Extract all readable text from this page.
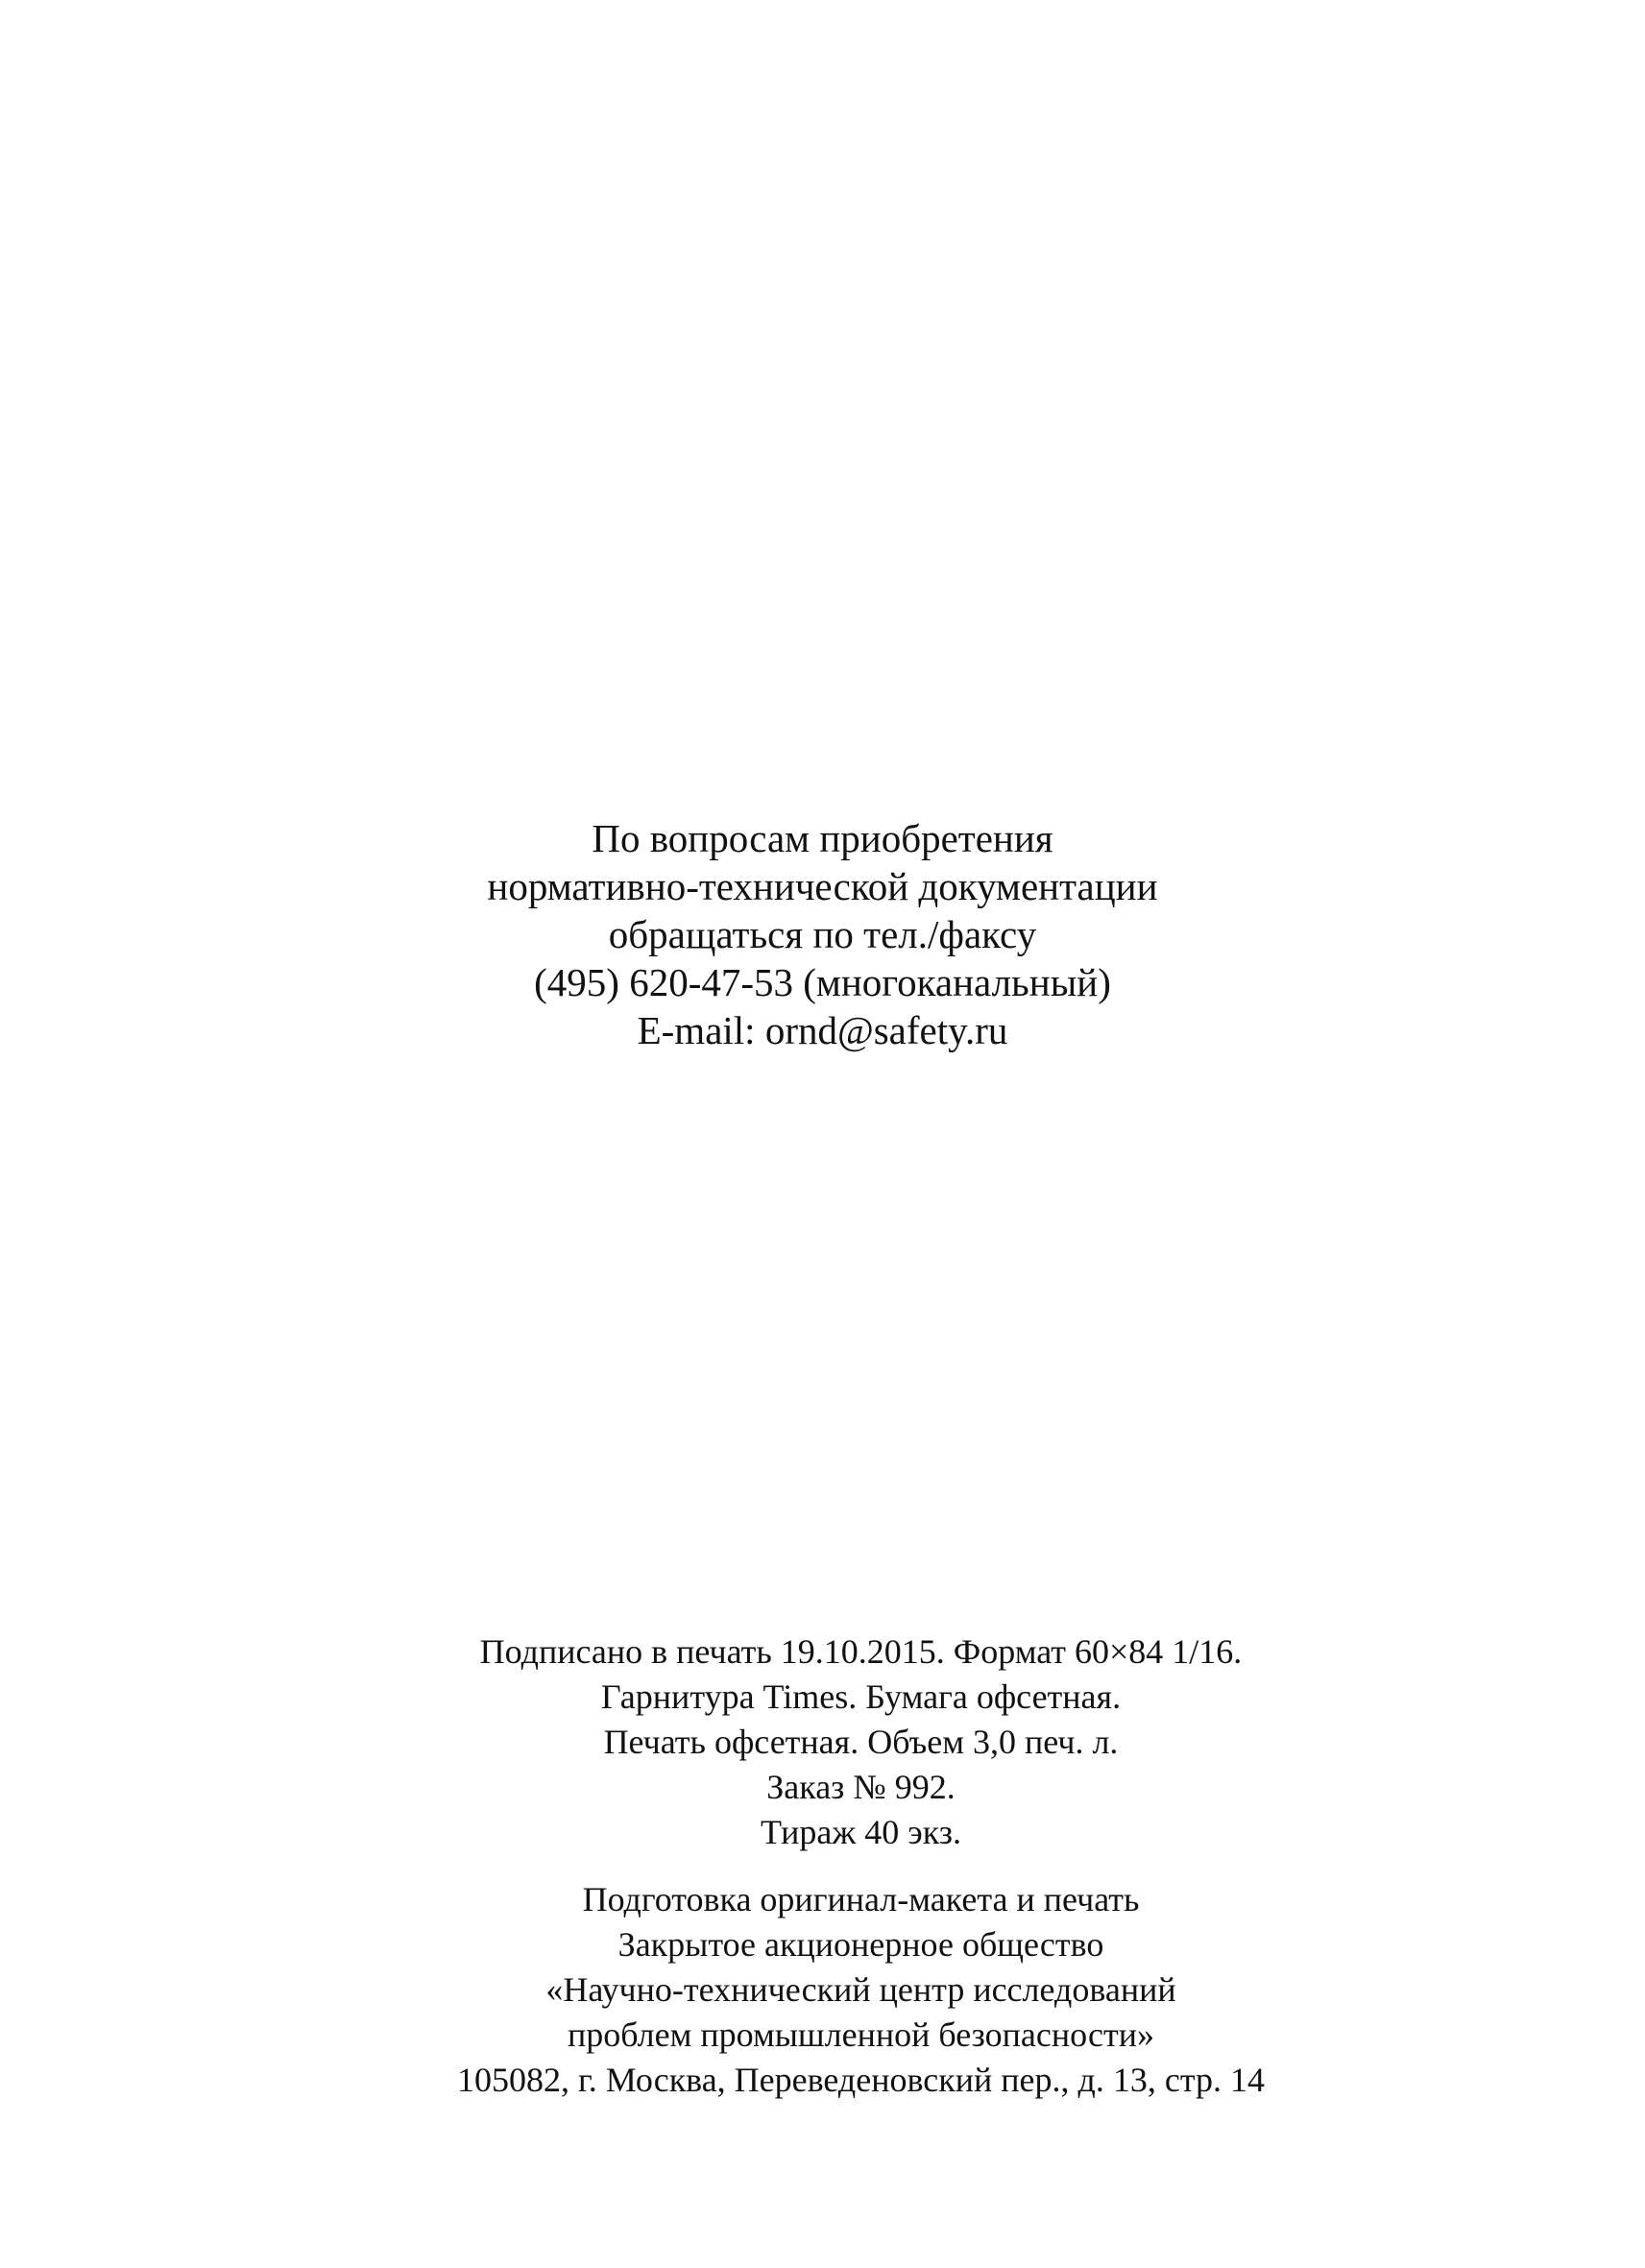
По вопросам приобретения
нормативно-технической документации
обращаться по тел./факсу
(495) 620-47-53 (многоканальный)
E-mail: ornd@safety.ru
Подписано в печать 19.10.2015. Формат 60×84 1/16.
Гарнитура Times. Бумага офсетная.
Печать офсетная. Объем 3,0 печ. л.
Заказ № 992.
Тираж 40 экз.
Подготовка оригинал-макета и печать
Закрытое акционерное общество
«Научно-технический центр исследований
проблем промышленной безопасности»
105082, г. Москва, Переведеновский пер., д. 13, стр. 14
